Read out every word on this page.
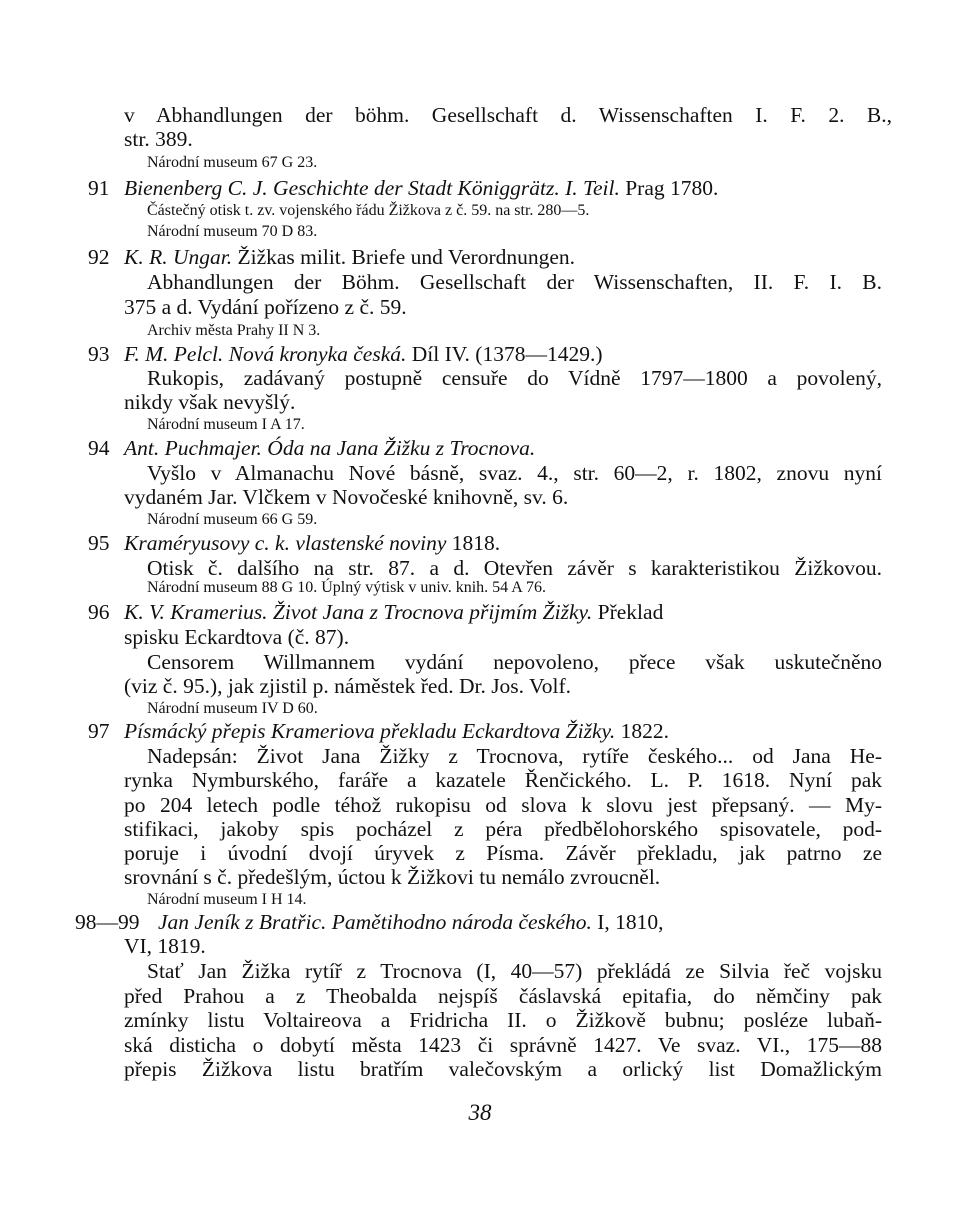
v Abhandlungen der böhm. Gesellschaft d. Wissenschaften I. F. 2. B.,
str. 389.
Národní museum 67 G 23.
91 Bienenberg C. J. Geschichte der Stadt Königgrätz. I. Teil. Prag 1780.
Částečný otisk t. zv. vojenského řádu Žižkova z č. 59. na str. 280—5.
Národní museum 70 D 83.
92 K. R. Ungar. Žižkas milit. Briefe und Verordnungen.
Abhandlungen der Böhm. Gesellschaft der Wissenschaften, II. F. I. B.
375 a d. Vydání pořízeno z č. 59.
Archiv města Prahy II N 3.
93 F. M. Pelcl. Nová kronyka česká. Díl IV. (1378—1429.)
Rukopis, zadávaný postupně censuře do Vídně 1797—1800 a povolený,
nikdy však nevyšlý.
Národní museum I A 17.
94 Ant. Puchmajer. Óda na Jana Žižku z Trocnova.
Vyšlo v Almanachu Nové básně, svaz. 4., str. 60—2, r. 1802, znovu nyní
vydaném Jar. Vlčkem v Novočeské knihovně, sv. 6.
Národní museum 66 G 59.
95 Kraméryusovy c. k. vlastenské noviny 1818.
Otisk č. dalšího na str. 87. a d. Otevřen závěr s karakteristikou Žižkovou.
Národní museum 88 G 10. Úplný výtisk v univ. knih. 54 A 76.
96 K. V. Kramerius. Život Jana z Trocnova přijmím Žižky. Překlad
spisku Eckardtova (č. 87).
Censorem Willmannem vydání nepovoleno, přece však uskutečněno
(viz č. 95.), jak zjistil p. náměstek řed. Dr. Jos. Volf.
Národní museum IV D 60.
97 Písmácký přepis Krameriova překladu Eckardtova Žižky. 1822.
Nadepsán: Život Jana Žižky z Trocnova, rytíře českého... od Jana He-
rynka Nymburského, faráře a kazatele Řenčického. L. P. 1618. Nyní pak
po 204 letech podle téhož rukopisu od slova k slovu jest přepsaný. — My-
stifikaci, jakoby spis pocházel z péra předbělohorského spisovatele, pod-
poruje i úvodní dvojí úryvek z Písma. Závěr překladu, jak patrno ze
srovnání s č. předešlým, úctou k Žižkovi tu nemálo zvroucněl.
Národní museum I H 14.
98—99 Jan Jeník z Bratřic. Pamětihodno národa českého. I, 1810,
VI, 1819.
Stať Jan Žižka rytíř z Trocnova (I, 40—57) překládá ze Silvia řeč vojsku
před Prahou a z Theobalda nejspíš čáslavská epitafia, do němčiny pak
zmínky listu Voltaireova a Fridricha II. o Žižkově bubnu; posléze lubaň-
ská disticha o dobytí města 1423 či správně 1427. Ve svaz. VI., 175—88
přepis Žižkova listu bratřím valečovským a orlický list Domažlickým
38
